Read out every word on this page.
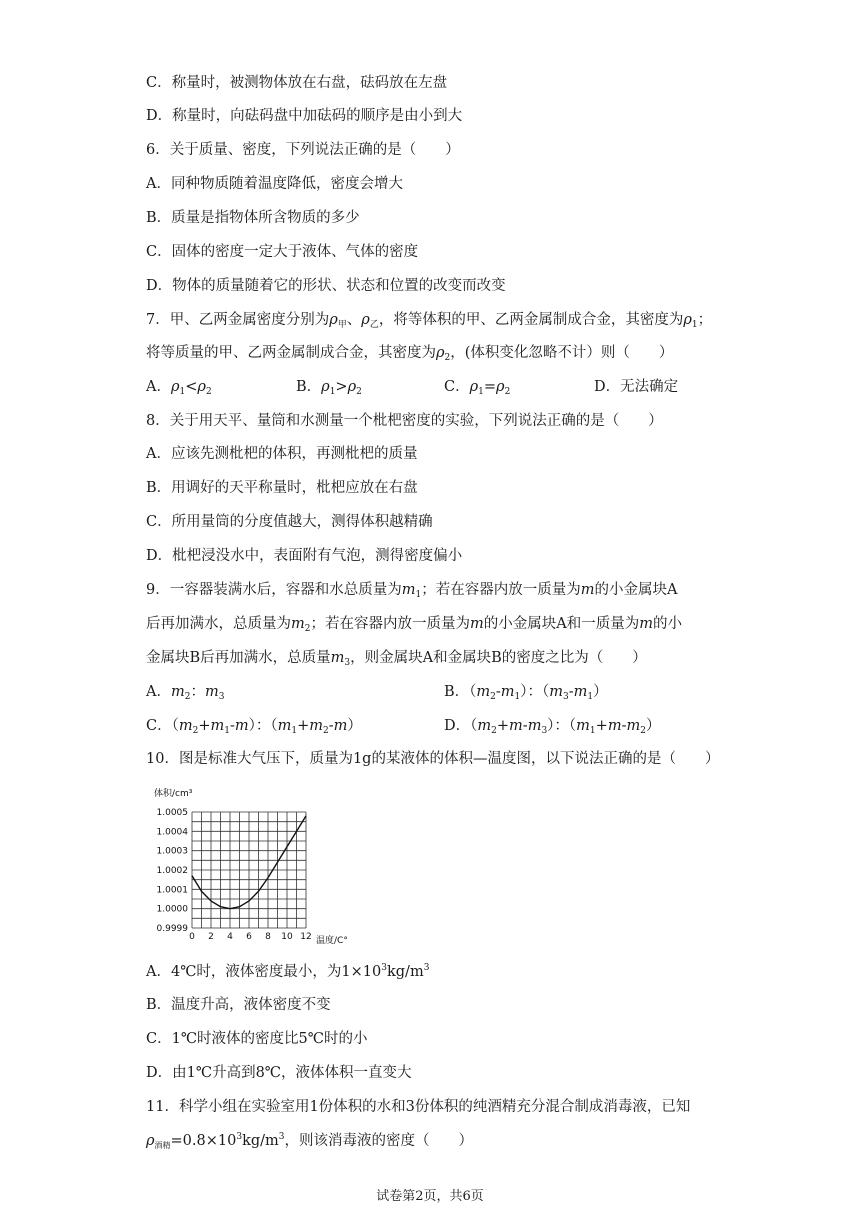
C．称量时，被测物体放在右盘，砝码放在左盘
D．称量时，向砝码盘中加砝码的顺序是由小到大
6．关于质量、密度，下列说法正确的是（　　）
A．同种物质随着温度降低，密度会增大
B．质量是指物体所含物质的多少
C．固体的密度一定大于液体、气体的密度
D．物体的质量随着它的形状、状态和位置的改变而改变
7．甲、乙两金属密度分别为$\rho_甲$、$\rho_乙$，将等体积的甲、乙两金属制成合金，其密度为$\rho_1$；
将等质量的甲、乙两金属制成合金，其密度为$\rho_2$，(体积变化忽略不计）则（　　）
A．$\rho_1<\rho_2$	B．$\rho_1>\rho_2$	C．$\rho_1=\rho_2$	D．无法确定
8．关于用天平、量筒和水测量一个枇杷密度的实验，下列说法正确的是（　　）
A．应该先测枇杷的体积，再测枇杷的质量
B．用调好的天平称量时，枇杷应放在右盘
C．所用量筒的分度值越大，测得体积越精确
D．枇杷浸没水中，表面附有气泡，测得密度偏小
9．一容器装满水后，容器和水总质量为$m_1$；若在容器内放一质量为m的小金属块A
后再加满水，总质量为$m_2$；若在容器内放一质量为m的小金属块A和一质量为m的小
金属块B后再加满水，总质量$m_3$，则金属块A和金属块B的密度之比为（　　）
A．$m_2$：$m_3$	B．$(m_2-m_1)$：$(m_3-m_1)$
C．$(m_2+m_1-m)$：$(m_1+m_2-m)$	D．$(m_2+m-m_3)$：$(m_1+m-m_2)$
10．图是标准大气压下，质量为1g的某液体的体积—温度图，以下说法正确的是（　　）
0 2 4 6 8 10 12
0.9999
1.0000
1.0001
1.0002
1.0003
1.0004
1.0005
体积/cm³
温度/C°
A．4℃时，液体密度最小，为$1\times 10^3kg/m^3$
B．温度升高，液体密度不变
C．1℃时液体的密度比5℃时的小
D．由1℃升高到8℃，液体体积一直变大
11．科学小组在实验室用1份体积的水和3份体积的纯酒精充分混合制成消毒液，已知
$\rho_{酒精}=0.8\times 10^3kg/m^3$，则该消毒液的密度（　　）
试卷第2页，共6页
